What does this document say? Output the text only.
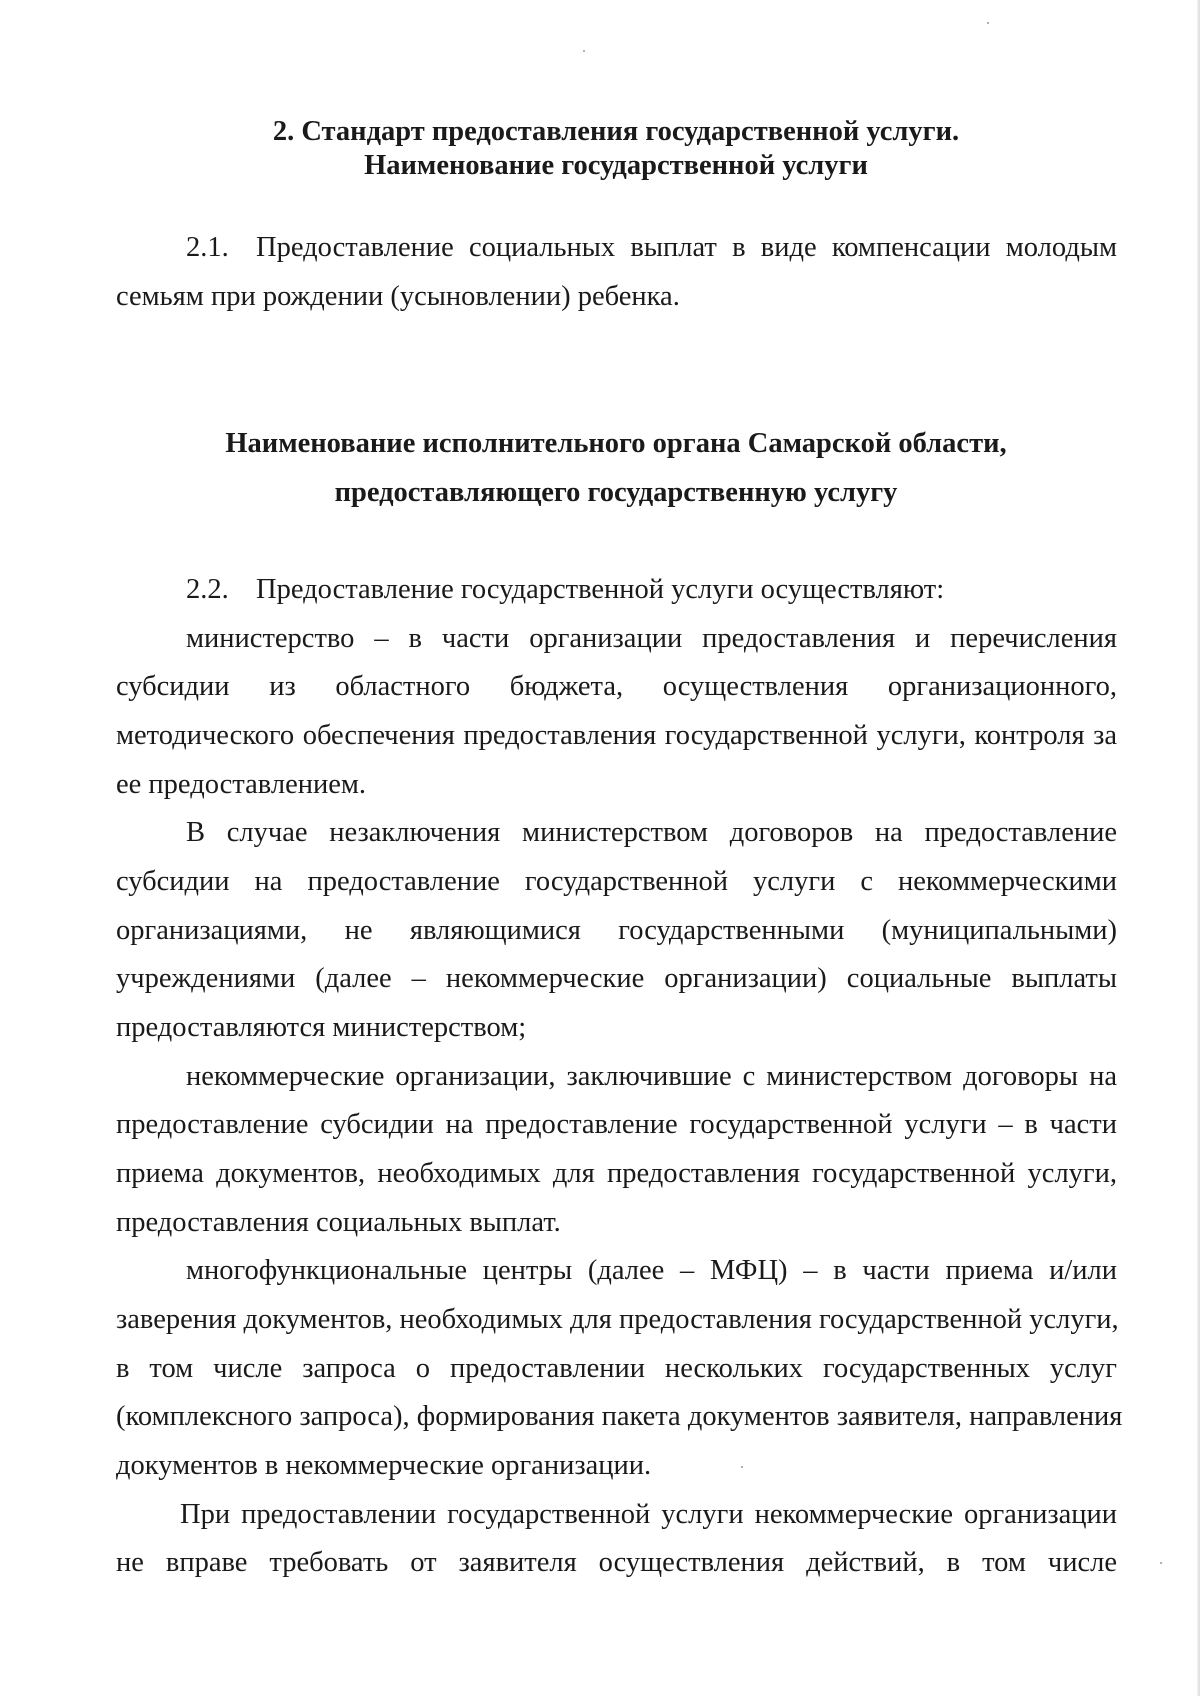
2. Стандарт предоставления государственной услуги.
Наименование государственной услуги
2.1. Предоставление социальных выплат в виде компенсации молодым
семьям при рождении (усыновлении) ребенка.
Наименование исполнительного органа Самарской области,
предоставляющего государственную услугу
2.2. Предоставление государственной услуги осуществляют:
министерство – в части организации предоставления и перечисления
субсидии из областного бюджета, осуществления организационного,
методического обеспечения предоставления государственной услуги, контроля за
ее предоставлением.
В случае незаключения министерством договоров на предоставление
субсидии на предоставление государственной услуги с некоммерческими
организациями, не являющимися государственными (муниципальными)
учреждениями (далее – некоммерческие организации) социальные выплаты
предоставляются министерством;
некоммерческие организации, заключившие с министерством договоры на
предоставление субсидии на предоставление государственной услуги – в части
приема документов, необходимых для предоставления государственной услуги,
предоставления социальных выплат.
многофункциональные центры (далее – МФЦ) – в части приема и/или
заверения документов, необходимых для предоставления государственной услуги,
в том числе запроса о предоставлении нескольких государственных услуг
(комплексного запроса), формирования пакета документов заявителя, направления
документов в некоммерческие организации.
При предоставлении государственной услуги некоммерческие организации
не вправе требовать от заявителя осуществления действий, в том числе
